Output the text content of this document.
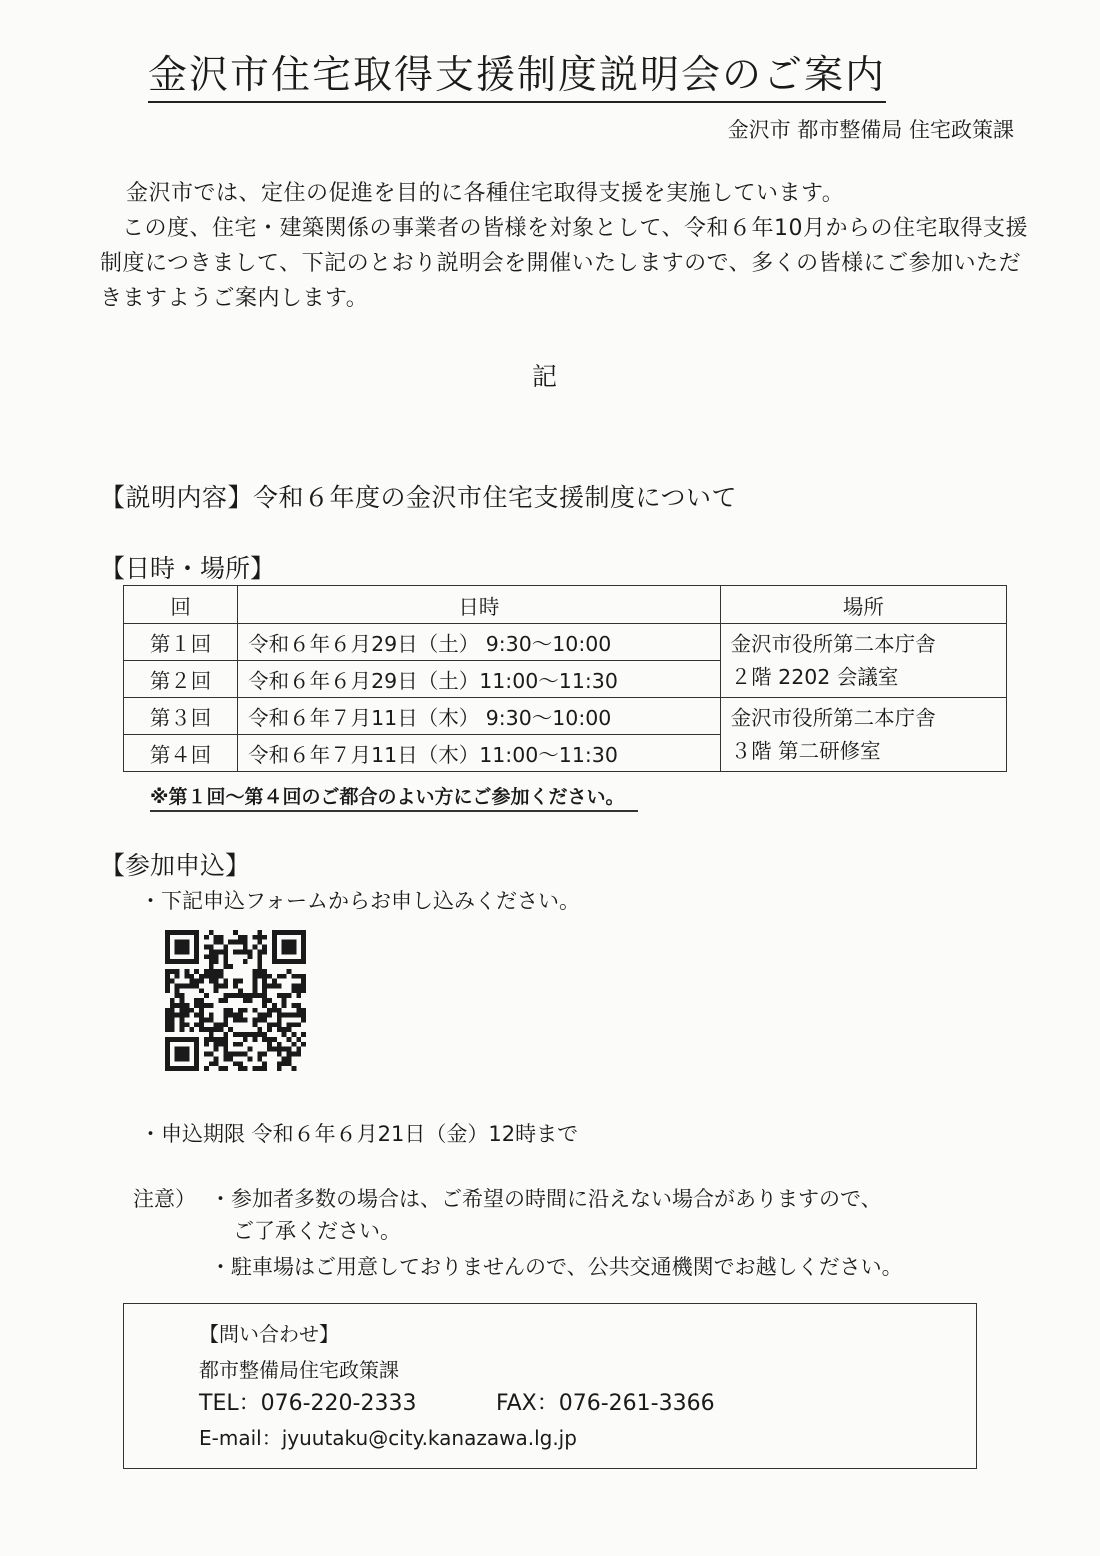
金沢市住宅取得支援制度説明会のご案内
金沢市 都市整備局 住宅政策課

金沢市では、定住の促進を目的に各種住宅取得支援を実施しています。

この度、住宅・建築関係の事業者の皆様を対象として、令和６年10月からの住宅取得支援制度につきまして、下記のとおり説明会を開催いたしますので、多くの皆様にご参加いただきますようご案内します。

記
【説明内容】令和６年度の金沢市住宅支援制度について
【日時・場所】
回	日時	場所
第１回	令和６年６月29日（土） 9:30～10:00	金沢市役所第二本庁舎
２階 2202 会議室

第２回	令和６年６月29日（土）11:00～11:30	
第３回	令和６年７月11日（木） 9:30～10:00	金沢市役所第二本庁舎
３階 第二研修室

第４回	令和６年７月11日（木）11:00～11:30	
※第１回～第４回のご都合のよい方にご参加ください。
【参加申込】
・下記申込フォームからお申し込みください。
・申込期限 令和６年６月21日（金）12時まで
注意） ・参加者多数の場合は、ご希望の時間に沿えない場合がありますので、
ご了承ください。
・駐車場はご用意しておりませんので、公共交通機関でお越しください。
【問い合わせ】
都市整備局住宅政策課
TEL：076-220-2333	FAX：076-261-3366
E-mail：jyuutaku@city.kanazawa.lg.jp
